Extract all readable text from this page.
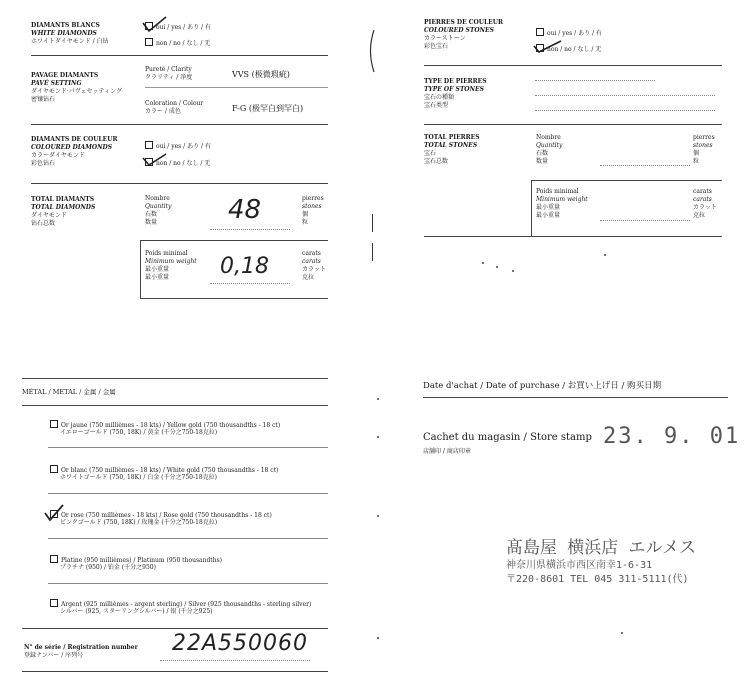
DIAMANTS BLANCS
WHITE DIAMONDS
ホワイトダイヤモンド / 白钻
oui / yes / あり / 有
non / no / なし / 无
PAVAGE DIAMANTS
PAVÉ SETTING
ダイヤモンド·パヴェセッティング
密镶钻石
Pureté / Clarity
クラリティ / 净度	VVS (极微瑕疵)
Coloration / Colour
カラー / 成色	F-G (极罕白到罕白)
DIAMANTS DE COULEUR
COLOURED DIAMONDS
カラーダイヤモンド
彩色钻石
oui / yes / あり / 有
non / no / なし / 无
TOTAL DIAMANTS
TOTAL DIAMONDS
ダイヤモンド
钻石总数
Nombre
Quantity
石数
数量	48	pierres
stones
個
粒
Poids minimal
Minimum weight
最小重量
最小重量 0,18
carats
carats
カラット
克拉
PIERRES DE COULEUR
COLOURED STONES
カラーストーン
彩色宝石
oui / yes / あり / 有
non / no / なし / 无
TYPE DE PIERRES
TYPE OF STONES
宝石の種類
宝石类型
TOTAL PIERRES
TOTAL STONES
宝石
宝石总数
Nombre
Quantity
石数
数量
pierres
stones
個
粒
Poids minimal
Minimum weight
最小重量
最小重量
carats
carats
カラット
克拉
MÉTAL / METAL / 金属 / 金属
Or jaune (750 millièmes - 18 kts) / Yellow gold (750 thousandths - 18 ct)
イエローゴールド (750, 18K) / 黄金 (千分之750-18克拉)
Or blanc (750 millièmes - 18 kts) / White gold (750 thousandths - 18 ct)
ホワイトゴールド (750, 18K) / 白金 (千分之750-18克拉)
Or rose (750 millièmes - 18 kts) / Rose gold (750 thousandths - 18 ct)
ピンクゴールド (750, 18K) / 玫瑰金 (千分之750-18克拉)
Platine (950 millièmes) / Platinum (950 thousandths)
プラチナ (950) / 铂金 (千分之950)
Argent (925 millièmes - argent sterling) / Silver (925 thousandths - sterling silver)
シルバー (925, スターリングシルバー) / 银 (千分之925)
N° de série / Registration number
登録ナンバー / 序列号	22A550060
Date d'achat / Date of purchase / お買い上げ日 / 购买日期
Cachet du magasin / Store stamp
店舗印 / 商店印章
23. 9. 01
髙島屋 横浜店 エルメス
神奈川県横浜市西区南幸1-6-31
〒220-8601 TEL 045 311-5111(代)
